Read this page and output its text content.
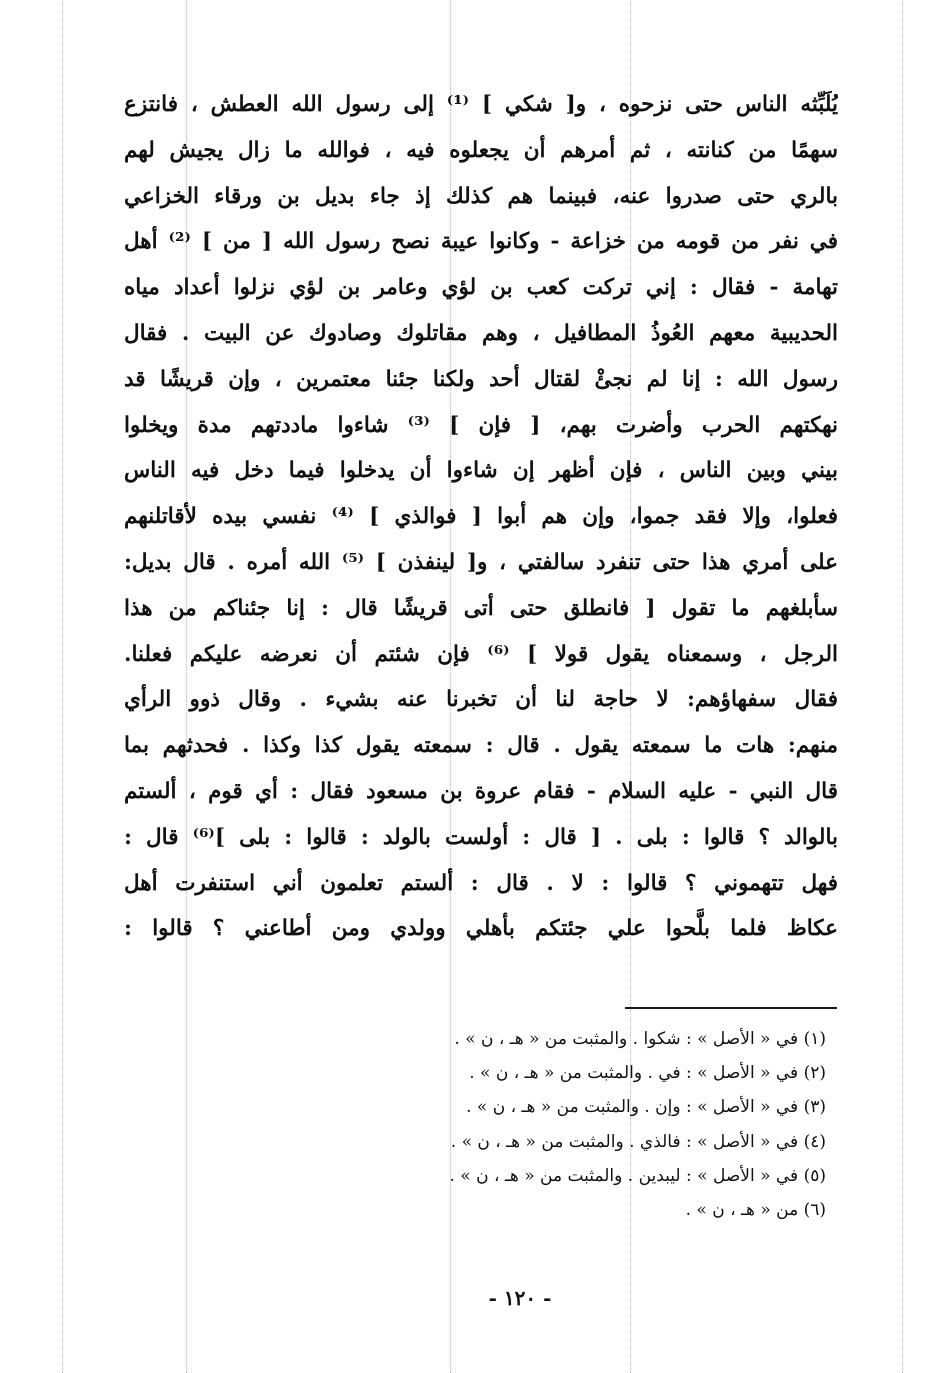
يُلَبِّثه الناس حتى نزحوه ، و[ شكي ] ⁽¹⁾ إلى رسول الله العطش ، فانتزع
سهمًا من كنانته ، ثم أمرهم أن يجعلوه فيه ، فوالله ما زال يجيش لهم
بالري حتى صدروا عنه، فبينما هم كذلك إذ جاء بديل بن ورقاء الخزاعي
في نفر من قومه من خزاعة - وكانوا عيبة نصح رسول الله [ من ] ⁽²⁾ أهل
تهامة - فقال : إني تركت كعب بن لؤي وعامر بن لؤي نزلوا أعداد مياه
الحديبية معهم العُوذُ المطافيل ، وهم مقاتلوك وصادوك عن البيت . فقال
رسول الله : إنا لم نجئْ لقتال أحد ولكنا جئنا معتمرين ، وإن قريشًا قد
نهكتهم الحرب وأضرت بهم، [ فإن ] ⁽³⁾ شاءوا ماددتهم مدة ويخلوا
بيني وبين الناس ، فإن أظهر إن شاءوا أن يدخلوا فيما دخل فيه الناس
فعلوا، وإلا فقد جموا، وإن هم أبوا [ فوالذي ] ⁽⁴⁾ نفسي بيده لأقاتلنهم
على أمري هذا حتى تنفرد سالفتي ، و[ لينفذن ] ⁽⁵⁾ الله أمره . قال بديل:
سأبلغهم ما تقول [ فانطلق حتى أتى قريشًا قال : إنا جئناكم من هذا
الرجل ، وسمعناه يقول قولا ] ⁽⁶⁾ فإن شئتم أن نعرضه عليكم فعلنا.
فقال سفهاؤهم: لا حاجة لنا أن تخبرنا عنه بشيء . وقال ذوو الرأي
منهم: هات ما سمعته يقول . قال : سمعته يقول كذا وكذا . فحدثهم بما
قال النبي - عليه السلام - فقام عروة بن مسعود فقال : أي قوم ، ألستم
بالوالد ؟ قالوا : بلى . [ قال : أولست بالولد : قالوا : بلى ]⁽⁶⁾ قال :
فهل تتهموني ؟ قالوا : لا . قال : ألستم تعلمون أني استنفرت أهل
عكاظ فلما بلَّحوا علي جئتكم بأهلي وولدي ومن أطاعني ؟ قالوا :
(١) في « الأصل » : شكوا . والمثبت من « هـ ، ن » .
(٢) في « الأصل » : في . والمثبت من « هـ ، ن » .
(٣) في « الأصل » : وإن . والمثبت من « هـ ، ن » .
(٤) في « الأصل » : فالذي . والمثبت من « هـ ، ن » .
(٥) في « الأصل » : ليبدين . والمثبت من « هـ ، ن » .
(٦) من « هـ ، ن » .
- ١٢٠ -
